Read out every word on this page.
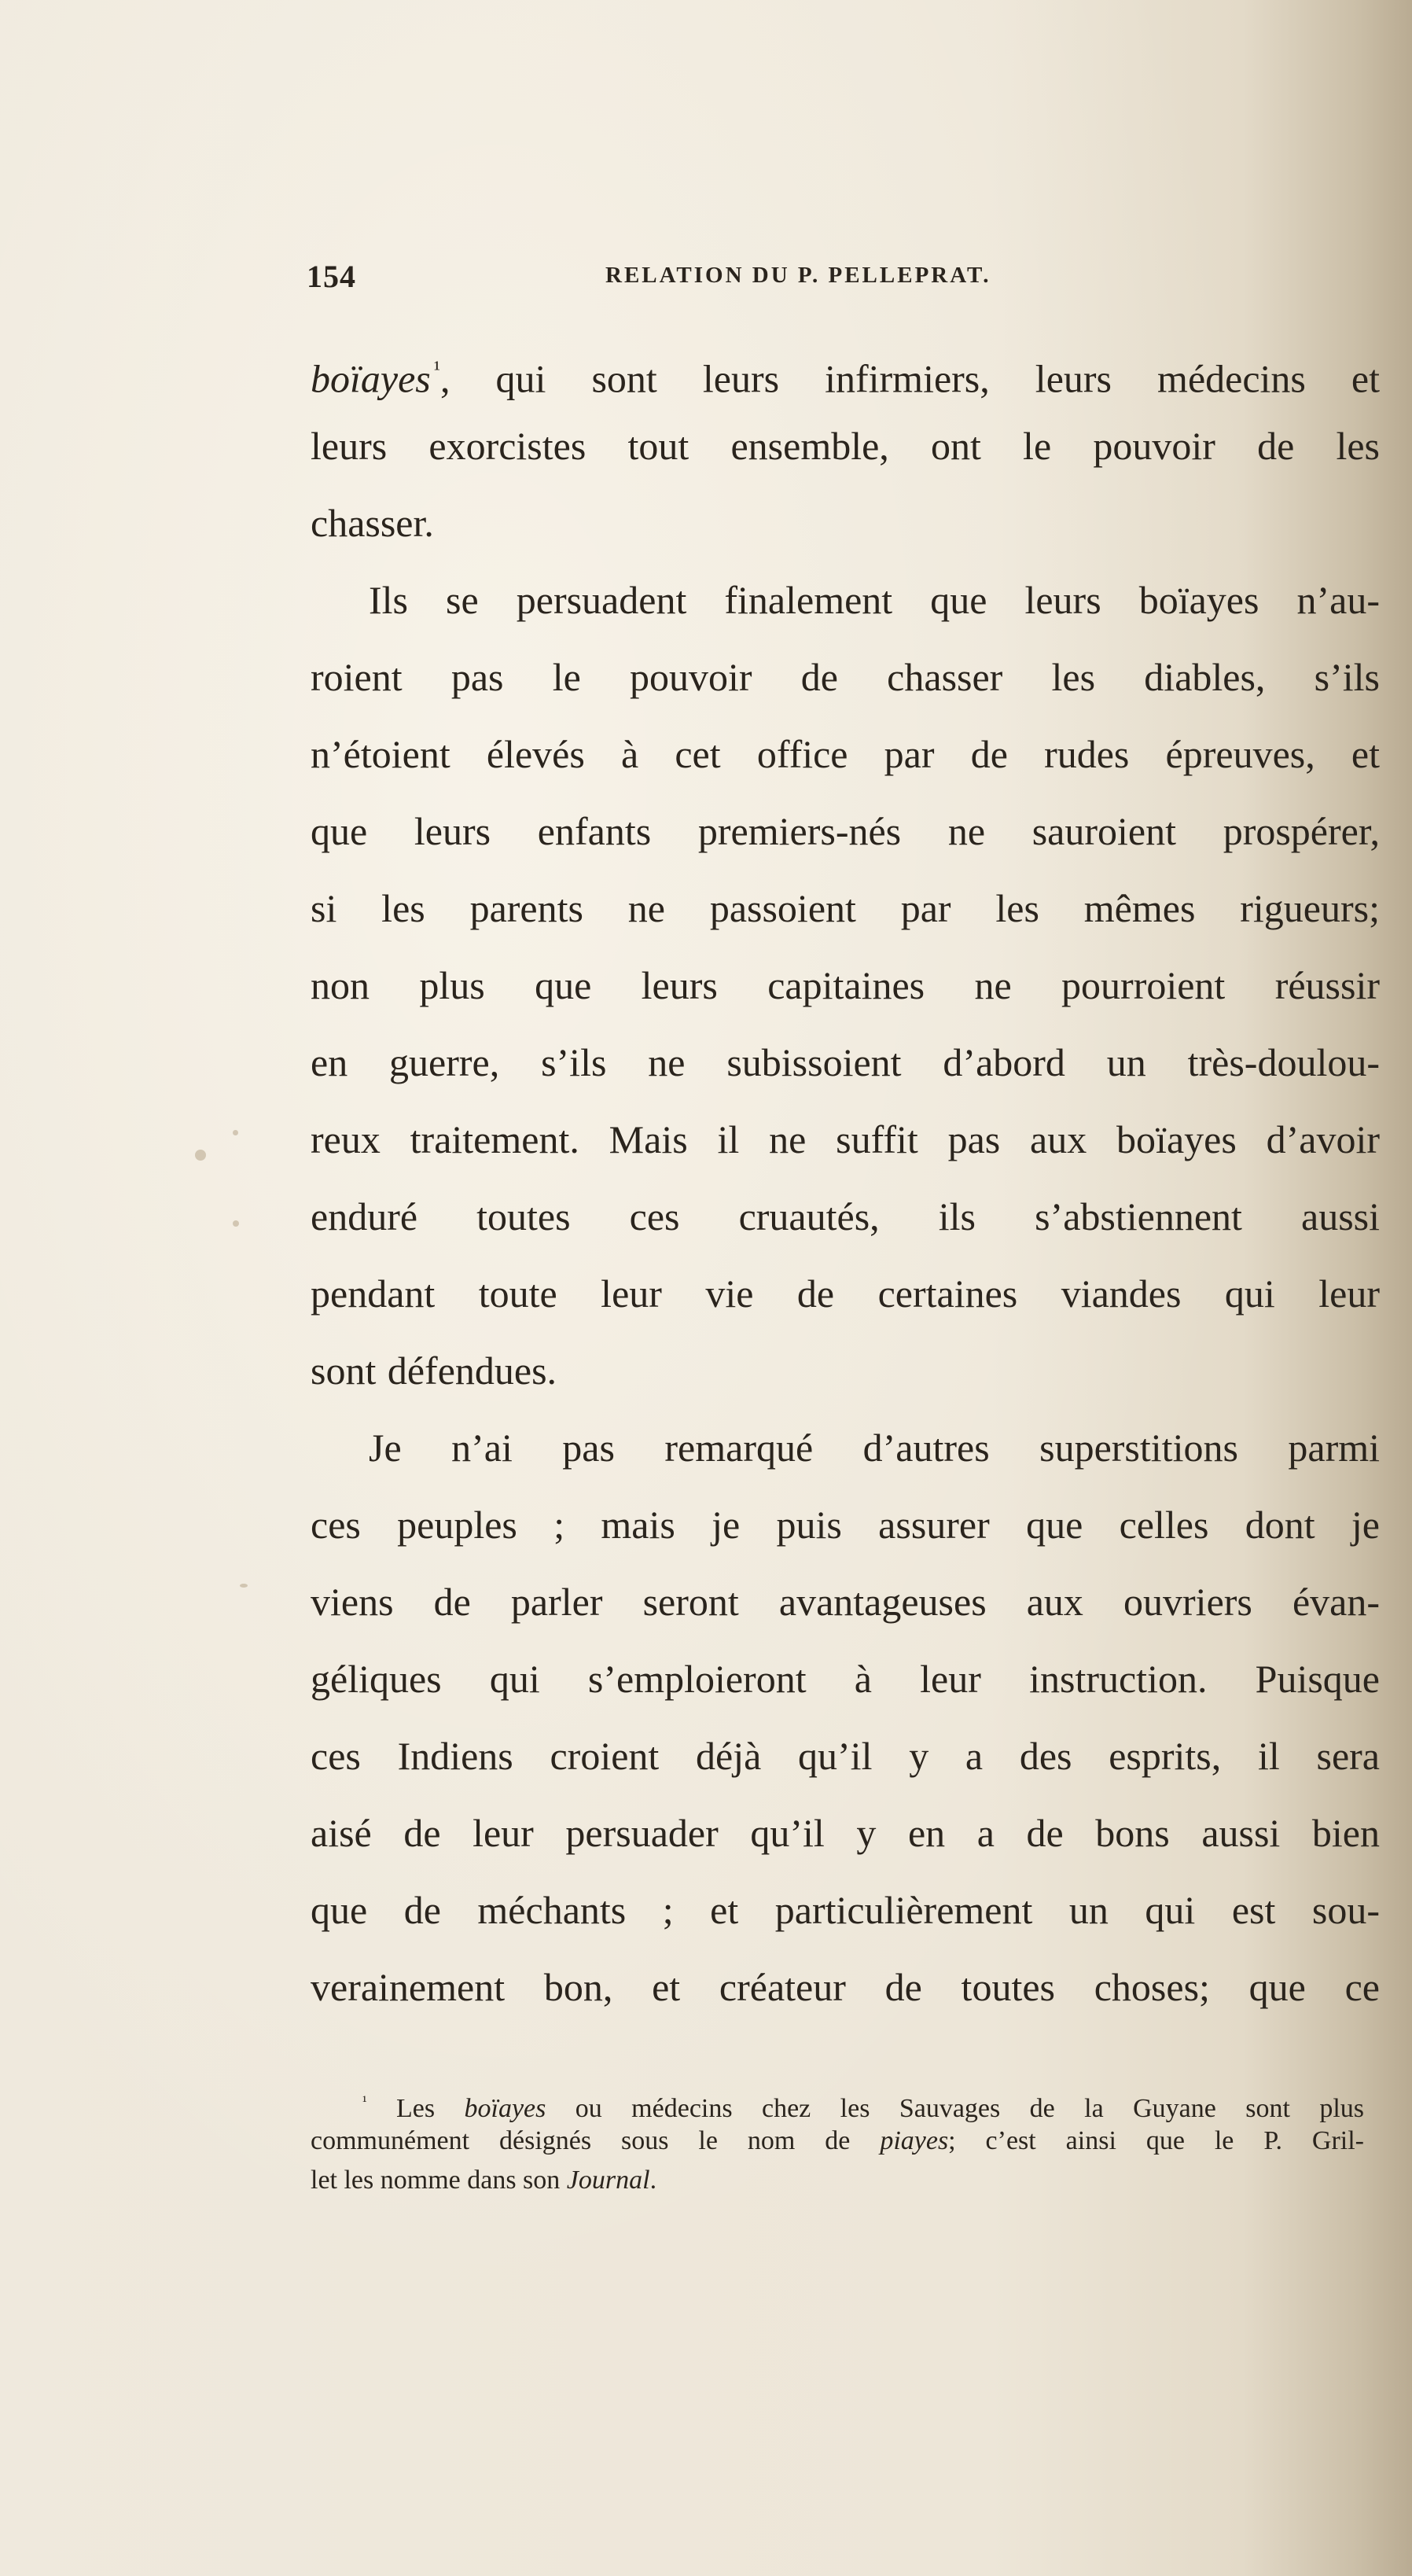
154	RELATION DU P. PELLEPRAT.
boïayes $^{^1}$, qui sont leurs infirmiers, leurs médecins et
leurs exorcistes tout ensemble, ont le pouvoir de les
chasser.
Ils se persuadent finalement que leurs boïayes n’au-
roient pas le pouvoir de chasser les diables, s’ils
n’étoient élevés à cet office par de rudes épreuves, et
que leurs enfants premiers-nés ne sauroient prospérer,
si les parents ne passoient par les mêmes rigueurs;
non plus que leurs capitaines ne pourroient réussir
en guerre, s’ils ne subissoient d’abord un très-doulou-
reux traitement. Mais il ne suffit pas aux boïayes d’avoir
enduré toutes ces cruautés, ils s’abstiennent aussi
pendant toute leur vie de certaines viandes qui leur
sont défendues.
Je n’ai pas remarqué d’autres superstitions parmi
ces peuples ; mais je puis assurer que celles dont je
viens de parler seront avantageuses aux ouvriers évan-
géliques qui s’emploieront à leur instruction. Puisque
ces Indiens croient déjà qu’il y a des esprits, il sera
aisé de leur persuader qu’il y en a de bons aussi bien
que de méchants ; et particulièrement un qui est sou-
verainement bon, et créateur de toutes choses; que ce
$^{^1}$ Les boïayes ou médecins chez les Sauvages de la Guyane sont plus
communément désignés sous le nom de piayes; c’est ainsi que le P. Gril-
let les nomme dans son Journal.
